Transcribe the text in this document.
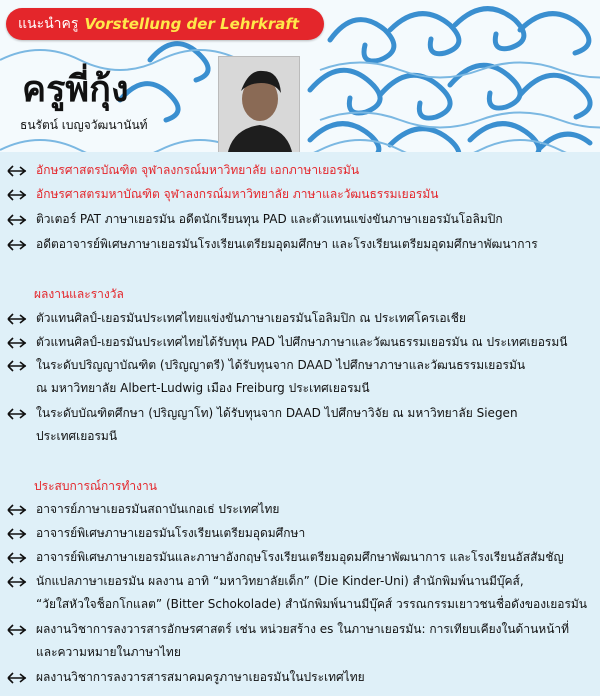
แนะนำครู Vorstellung der Lehrkraft
ครูพี่กุ้ง
ธนรัตน์ เบญจวัฒนานันท์
อักษรศาสตรบัณฑิต จุฬาลงกรณ์มหาวิทยาลัย เอกภาษาเยอรมัน
อักษรศาสตรมหาบัณฑิต จุฬาลงกรณ์มหาวิทยาลัย ภาษาและวัฒนธรรมเยอรมัน
ติวเตอร์ PAT ภาษาเยอรมัน อดีตนักเรียนทุน PAD และตัวแทนแข่งขันภาษาเยอรมันโอลิมปิก
อดีตอาจารย์พิเศษภาษาเยอรมันโรงเรียนเตรียมอุดมศึกษา และโรงเรียนเตรียมอุดมศึกษาพัฒนาการ
ผลงานและรางวัล
ตัวแทนศิลป์-เยอรมันประเทศไทยแข่งขันภาษาเยอรมันโอลิมปิก ณ ประเทศโครเอเชีย
ตัวแทนศิลป์-เยอรมันประเทศไทยได้รับทุน PAD ไปศึกษาภาษาและวัฒนธรรมเยอรมัน ณ ประเทศเยอรมนี
ในระดับปริญญาบัณฑิต (ปริญญาตรี) ได้รับทุนจาก DAAD ไปศึกษาภาษาและวัฒนธรรมเยอรมัน
ณ มหาวิทยาลัย Albert-Ludwig เมือง Freiburg ประเทศเยอรมนี
ในระดับบัณฑิตศึกษา (ปริญญาโท) ได้รับทุนจาก DAAD ไปศึกษาวิจัย ณ มหาวิทยาลัย Siegen
ประเทศเยอรมนี
ประสบการณ์การทำงาน
อาจารย์ภาษาเยอรมันสถาบันเกอเธ่ ประเทศไทย
อาจารย์พิเศษภาษาเยอรมันโรงเรียนเตรียมอุดมศึกษา
อาจารย์พิเศษภาษาเยอรมันและภาษาอังกฤษโรงเรียนเตรียมอุดมศึกษาพัฒนาการ และโรงเรียนอัสสัมชัญ
นักแปลภาษาเยอรมัน ผลงาน อาทิ “มหาวิทยาลัยเด็ก” (Die Kinder-Uni) สำนักพิมพ์นานมีบุ๊คส์,
“วัยใสหัวใจช็อกโกแลต” (Bitter Schokolade) สำนักพิมพ์นานมีบุ๊คส์ วรรณกรรมเยาวชนชื่อดังของเยอรมัน
ผลงานวิชาการลงวารสารอักษรศาสตร์ เช่น หน่วยสร้าง es ในภาษาเยอรมัน: การเทียบเคียงในด้านหน้าที่
และความหมายในภาษาไทย
ผลงานวิชาการลงวารสารสมาคมครูภาษาเยอรมันในประเทศไทย
